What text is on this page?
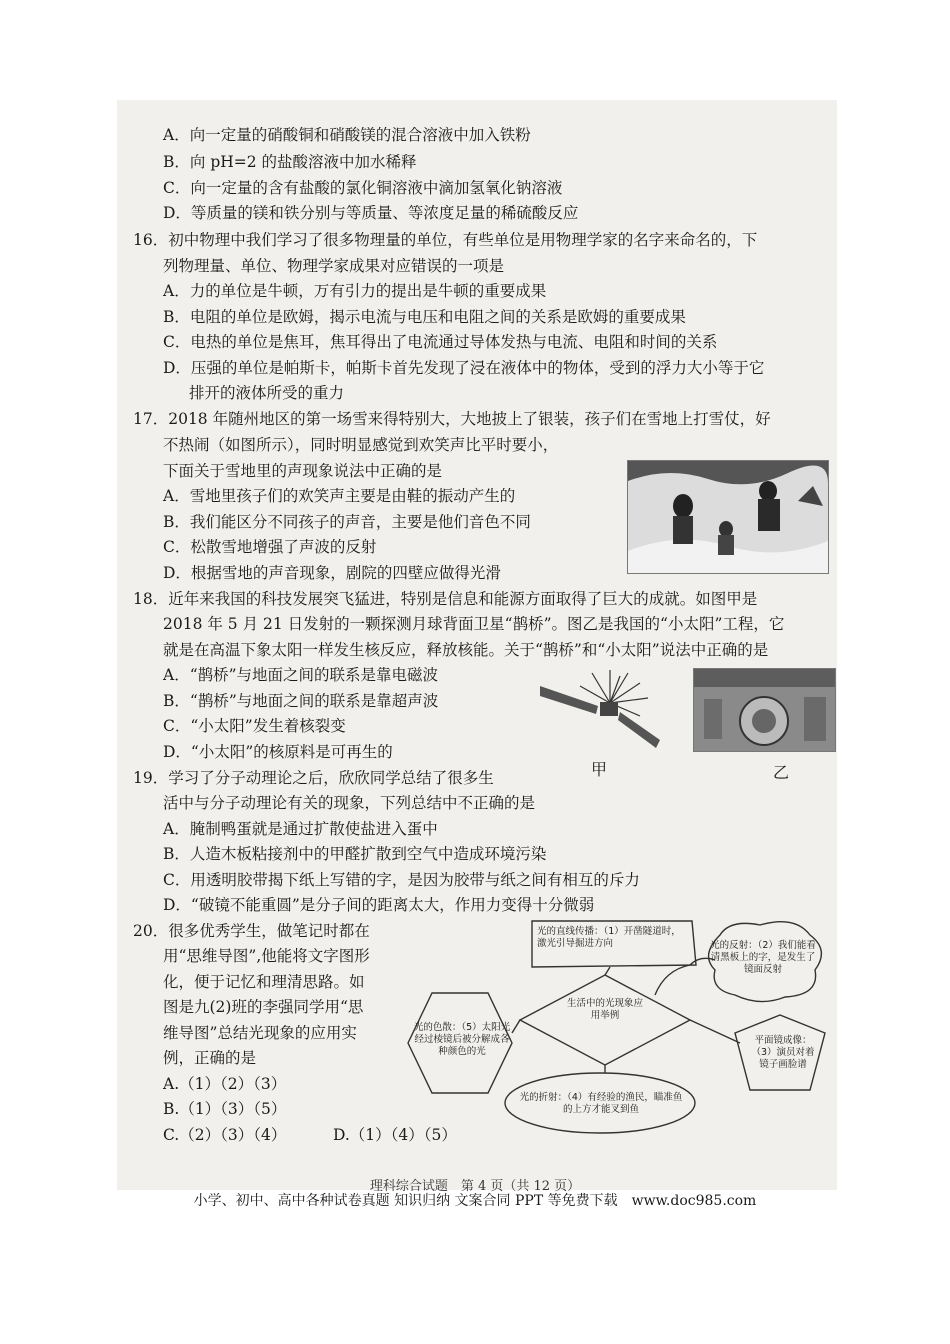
A．向一定量的硝酸铜和硝酸镁的混合溶液中加入铁粉
B．向 pH=2 的盐酸溶液中加水稀释
C．向一定量的含有盐酸的氯化铜溶液中滴加氢氧化钠溶液
D．等质量的镁和铁分别与等质量、等浓度足量的稀硫酸反应
16．初中物理中我们学习了很多物理量的单位，有些单位是用物理学家的名字来命名的，下
列物理量、单位、物理学家成果对应错误的一项是
A．力的单位是牛顿，万有引力的提出是牛顿的重要成果
B．电阻的单位是欧姆，揭示电流与电压和电阻之间的关系是欧姆的重要成果
C．电热的单位是焦耳，焦耳得出了电流通过导体发热与电流、电阻和时间的关系
D．压强的单位是帕斯卡，帕斯卡首先发现了浸在液体中的物体，受到的浮力大小等于它
排开的液体所受的重力
17．2018 年随州地区的第一场雪来得特别大，大地披上了银装，孩子们在雪地上打雪仗，好
不热闹（如图所示），同时明显感觉到欢笑声比平时要小，
下面关于雪地里的声现象说法中正确的是
A．雪地里孩子们的欢笑声主要是由鞋的振动产生的
B．我们能区分不同孩子的声音，主要是他们音色不同
C．松散雪地增强了声波的反射
D．根据雪地的声音现象，剧院的四壁应做得光滑
18．近年来我国的科技发展突飞猛进，特别是信息和能源方面取得了巨大的成就。如图甲是
2018 年 5 月 21 日发射的一颗探测月球背面卫星“鹊桥”。图乙是我国的“小太阳”工程，它
就是在高温下象太阳一样发生核反应，释放核能。关于“鹊桥”和“小太阳”说法中正确的是
A．“鹊桥”与地面之间的联系是靠电磁波
B．“鹊桥”与地面之间的联系是靠超声波
C．“小太阳”发生着核裂变
D．“小太阳”的核原料是可再生的
甲	乙
19．学习了分子动理论之后，欣欣同学总结了很多生
活中与分子动理论有关的现象，下列总结中不正确的是
A．腌制鸭蛋就是通过扩散使盐进入蛋中
B．人造木板粘接剂中的甲醛扩散到空气中造成环境污染
C．用透明胶带揭下纸上写错的字，是因为胶带与纸之间有相互的斥力
D．“破镜不能重圆”是分子间的距离太大，作用力变得十分微弱
20．很多优秀学生，做笔记时都在
用“思维导图”,他能将文字图形
化，便于记忆和理清思路。如
图是九(2)班的李强同学用“思
维导图”总结光现象的应用实
例，正确的是
A.（1）（2）（3）
B.（1）（3）（5）
C.（2）（3）（4）	D.（1）（4）（5）
生活中的光现象应用举例
光的直线传播：（1）开凿隧道时，激光引导掘进方向	光的反射：（2）我们能看清黑板上的字，是发生了镜面反射
平面镜成像：（3）演员对着镜子画脸谱
光的折射：（4）有经验的渔民，瞄准鱼的上方才能叉到鱼
光的色散：（5）太阳光经过棱镜后被分解成各种颜色的光
理科综合试题　第 4 页（共 12 页）
小学、初中、高中各种试卷真题 知识归纳 文案合同 PPT 等免费下载　www.doc985.com
